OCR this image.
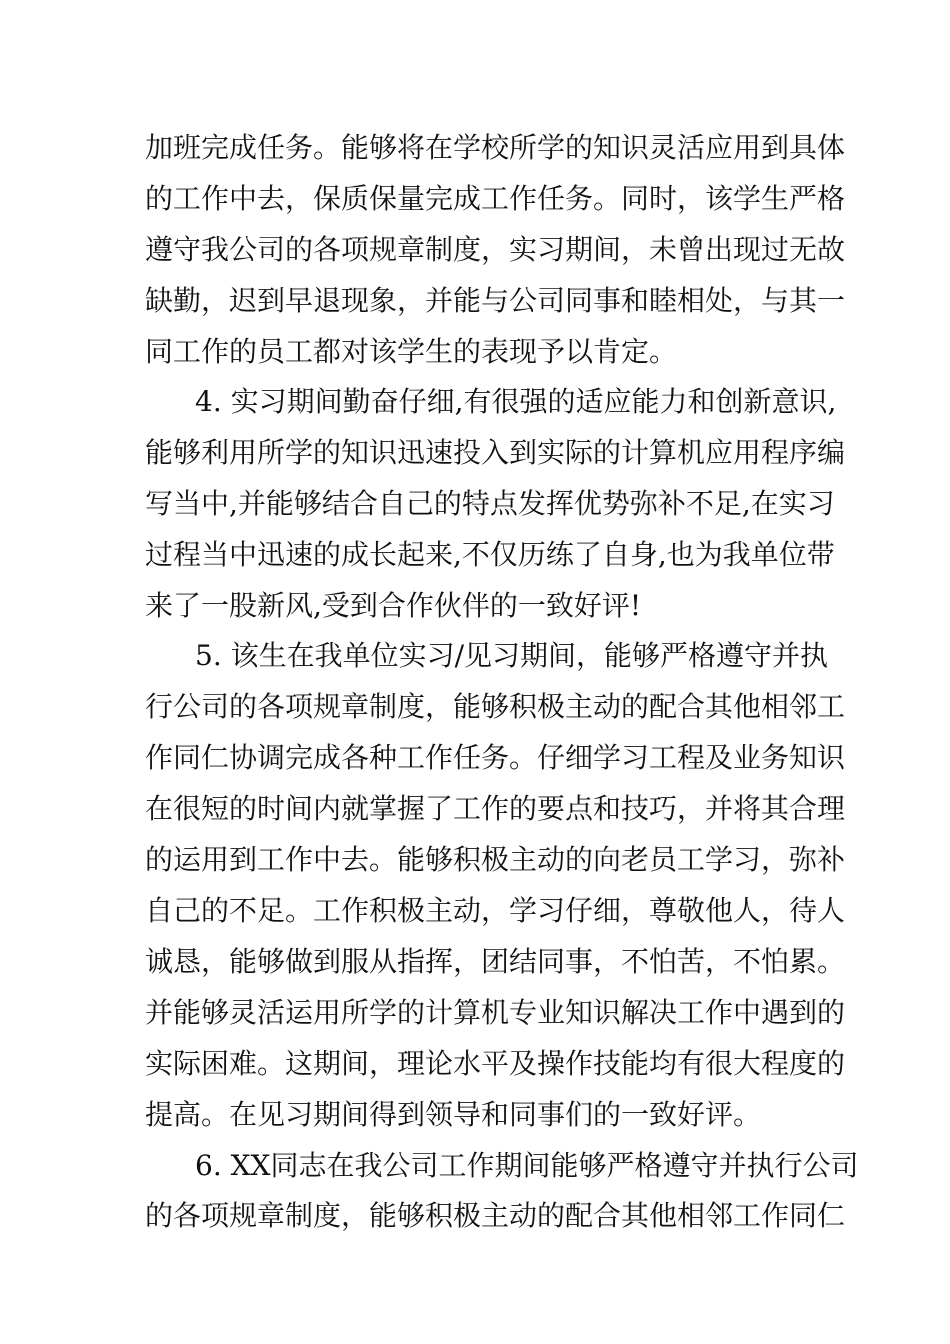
加班完成任务。能够将在学校所学的知识灵活应用到具体
的工作中去，保质保量完成工作任务。同时，该学生严格
遵守我公司的各项规章制度，实习期间，未曾出现过无故
缺勤，迟到早退现象，并能与公司同事和睦相处，与其一
同工作的员工都对该学生的表现予以肯定。
4. 实习期间勤奋仔细,有很强的适应能力和创新意识,
能够利用所学的知识迅速投入到实际的计算机应用程序编
写当中,并能够结合自己的特点发挥优势弥补不足,在实习
过程当中迅速的成长起来,不仅历练了自身,也为我单位带
来了一股新风,受到合作伙伴的一致好评!
5. 该生在我单位实习/见习期间，能够严格遵守并执
行公司的各项规章制度，能够积极主动的配合其他相邻工
作同仁协调完成各种工作任务。仔细学习工程及业务知识
在很短的时间内就掌握了工作的要点和技巧，并将其合理
的运用到工作中去。能够积极主动的向老员工学习，弥补
自己的不足。工作积极主动，学习仔细，尊敬他人，待人
诚恳，能够做到服从指挥，团结同事，不怕苦，不怕累。
并能够灵活运用所学的计算机专业知识解决工作中遇到的
实际困难。这期间，理论水平及操作技能均有很大程度的
提高。在见习期间得到领导和同事们的一致好评。
6. XX同志在我公司工作期间能够严格遵守并执行公司
的各项规章制度，能够积极主动的配合其他相邻工作同仁
